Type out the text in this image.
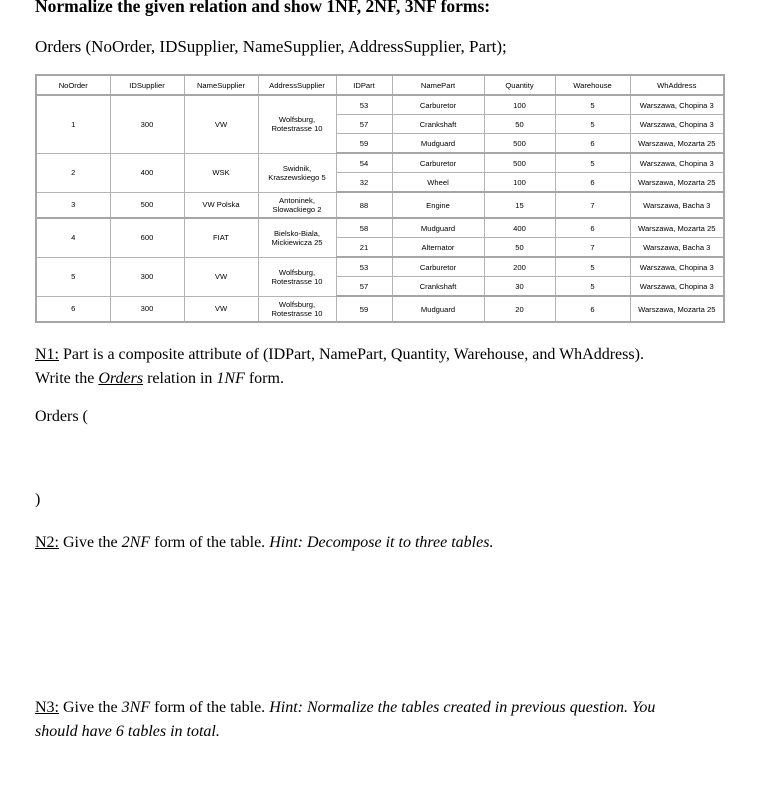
Normalize the given relation and show 1NF, 2NF, 3NF forms:
Orders (NoOrder, IDSupplier, NameSupplier, AddressSupplier, Part);
NoOrder	IDSupplier	NameSupplier	AddressSupplier	IDPart	NamePart	Quantity	Warehouse	WhAddress
1	300	VW	Wolfsburg,
Rotestrasse 10	53	Carburetor	100	5	Warszawa, Chopina 3
				57	Crankshaft	50	5	Warszawa, Chopina 3
				59	Mudguard	500	6	Warszawa, Mozarta 25
2	400	WSK	Swidnik,
Kraszewskiego 5	54	Carburetor	500	5	Warszawa, Chopina 3
				32	Wheel	100	6	Warszawa, Mozarta 25
3	500	VW Polska	Antoninek,
Slowackiego 2	88	Engine	15	7	Warszawa, Bacha 3
4	600	FIAT	Bielsko-Biala,
Mickiewicza 25	58	Mudguard	400	6	Warszawa, Mozarta 25
				21	Alternator	50	7	Warszawa, Bacha 3
5	300	VW	Wolfsburg,
Rotestrasse 10	53	Carburetor	200	5	Warszawa, Chopina 3
				57	Crankshaft	30	5	Warszawa, Chopina 3
6	300	VW	Wolfsburg,
Rotestrasse 10	59	Mudguard	20	6	Warszawa, Mozarta 25
N1: Part is a composite attribute of (IDPart, NamePart, Quantity, Warehouse, and WhAddress).
Write the Orders relation in 1NF form.
Orders (
)
N2: Give the 2NF form of the table. Hint: Decompose it to three tables.
N3: Give the 3NF form of the table. Hint: Normalize the tables created in previous question. You
should have 6 tables in total.
